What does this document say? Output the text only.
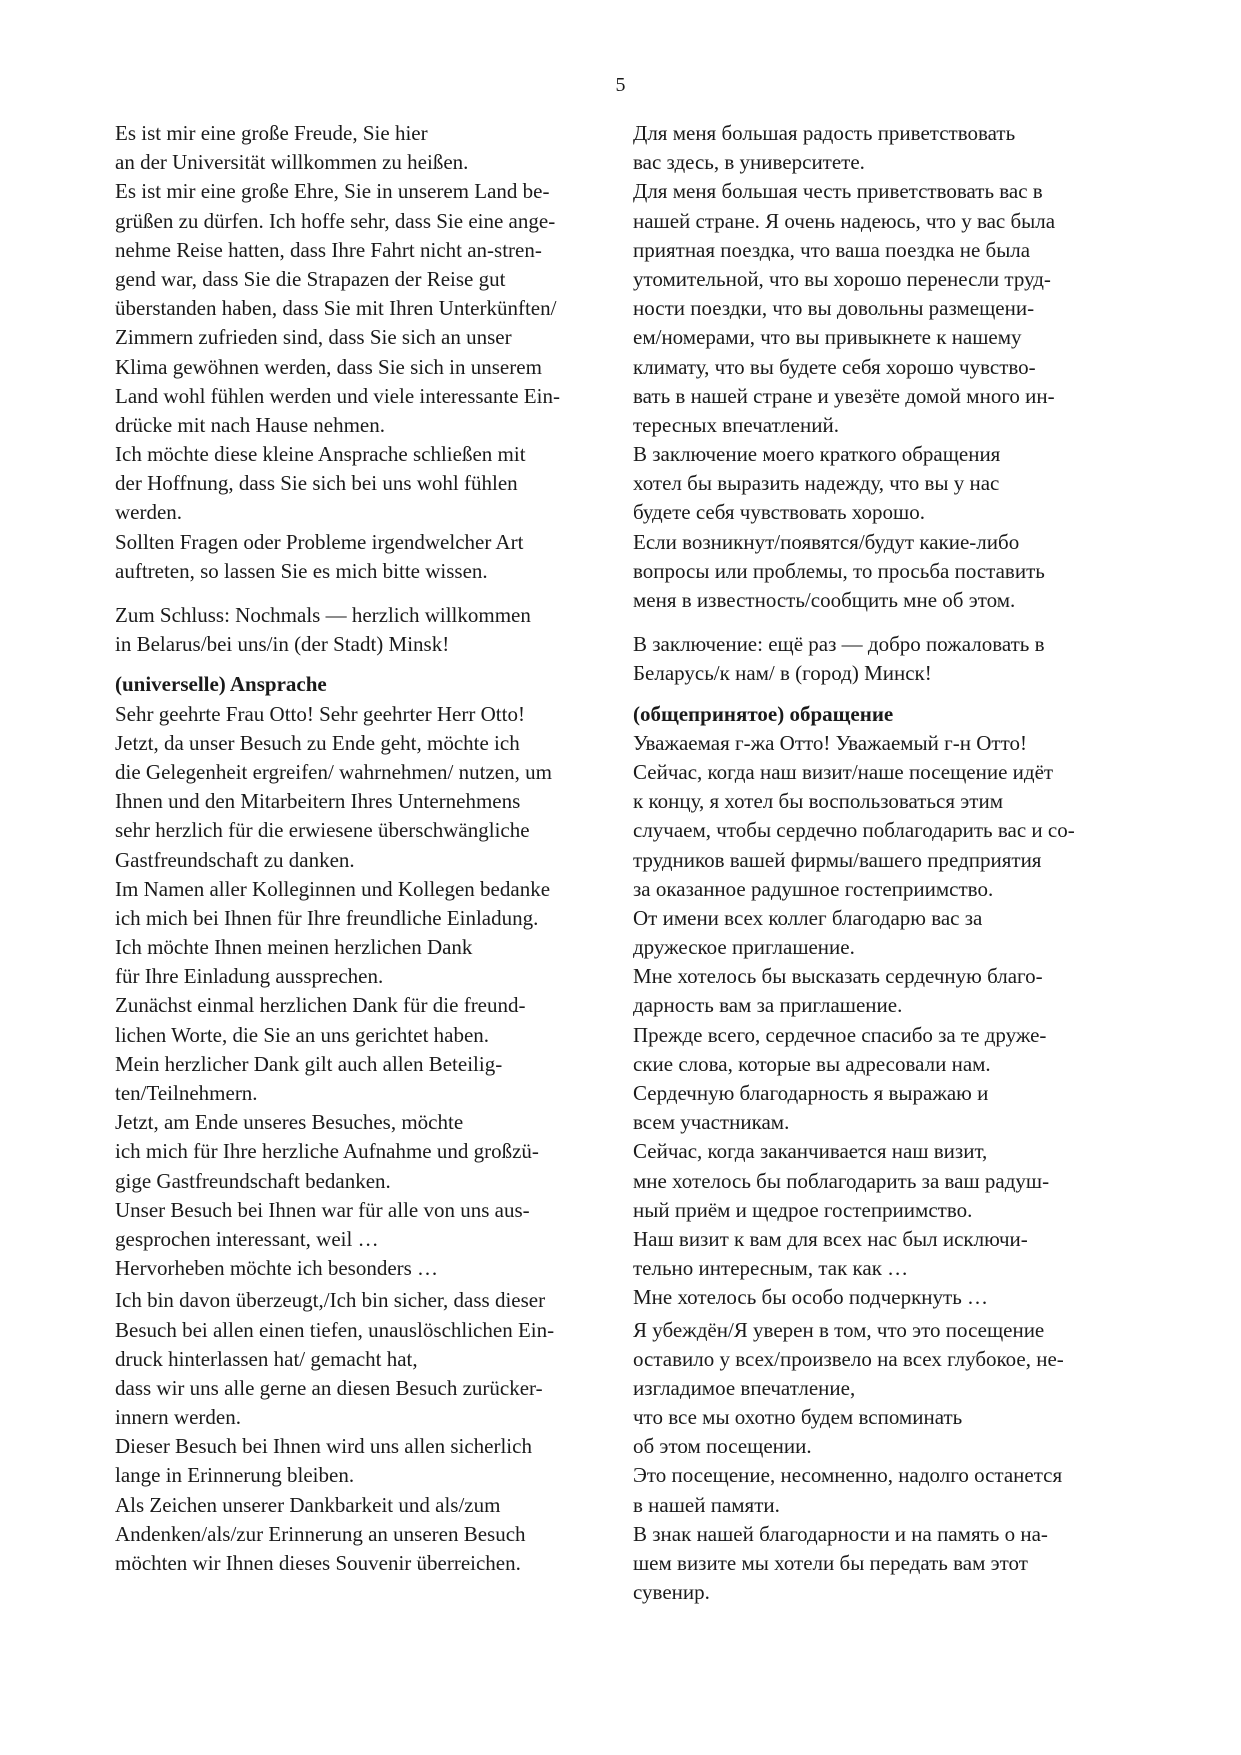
5
Es ist mir eine große Freude, Sie hier
an der Universität willkommen zu heißen.
Es ist mir eine große Ehre, Sie in unserem Land be-
grüßen zu dürfen. Ich hoffe sehr, dass Sie eine ange-
nehme Reise hatten, dass Ihre Fahrt nicht an-stren-
gend war, dass Sie die Strapazen der Reise gut
überstanden haben, dass Sie mit Ihren Unterkünften/
Zimmern zufrieden sind, dass Sie sich an unser
Klima gewöhnen werden, dass Sie sich in unserem
Land wohl fühlen werden und viele interessante Ein-
drücke mit nach Hause nehmen.
Ich möchte diese kleine Ansprache schließen mit
der Hoffnung, dass Sie sich bei uns wohl fühlen
werden.
Sollten Fragen oder Probleme irgendwelcher Art
auftreten, so lassen Sie es mich bitte wissen.
Zum Schluss: Nochmals — herzlich willkommen
in Belarus/bei uns/in (der Stadt) Minsk!
(universelle) Ansprache
Sehr geehrte Frau Otto! Sehr geehrter Herr Otto!
Jetzt, da unser Besuch zu Ende geht, möchte ich
die Gelegenheit ergreifen/ wahrnehmen/ nutzen, um
Ihnen und den Mitarbeitern Ihres Unternehmens
sehr herzlich für die erwiesene überschwängliche
Gastfreundschaft zu danken.
Im Namen aller Kolleginnen und Kollegen bedanke
ich mich bei Ihnen für Ihre freundliche Einladung.
Ich möchte Ihnen meinen herzlichen Dank
für Ihre Einladung aussprechen.
Zunächst einmal herzlichen Dank für die freund-
lichen Worte, die Sie an uns gerichtet haben.
Mein herzlicher Dank gilt auch allen Beteilig-
ten/Teilnehmern.
Jetzt, am Ende unseres Besuches, möchte
ich mich für Ihre herzliche Aufnahme und großzü-
gige Gastfreundschaft bedanken.
Unser Besuch bei Ihnen war für alle von uns aus-
gesprochen interessant, weil …
Hervorheben möchte ich besonders …
Ich bin davon überzeugt,/Ich bin sicher, dass dieser
Besuch bei allen einen tiefen, unauslöschlichen Ein-
druck hinterlassen hat/ gemacht hat,
dass wir uns alle gerne an diesen Besuch zurücker-
innern werden.
Dieser Besuch bei Ihnen wird uns allen sicherlich
lange in Erinnerung bleiben.
Als Zeichen unserer Dankbarkeit und als/zum
Andenken/als/zur Erinnerung an unseren Besuch
möchten wir Ihnen dieses Souvenir überreichen.
Для меня большая радость приветствовать
вас здесь, в университете.
Для меня большая честь приветствовать вас в
нашей стране. Я очень надеюсь, что у вас была
приятная поездка, что ваша поездка не была
утомительной, что вы хорошо перенесли труд-
ности поездки, что вы довольны размещени-
ем/номерами, что вы привыкнете к нашему
климату, что вы будете себя хорошо чувство-
вать в нашей стране и увезёте домой много ин-
тересных впечатлений.
В заключение моего краткого обращения
хотел бы выразить надежду, что вы у нас
будете себя чувствовать хорошо.
Если возникнут/появятся/будут какие-либо
вопросы или проблемы, то просьба поставить
меня в известность/сообщить мне об этом.
В заключение: ещё раз — добро пожаловать в
Беларусь/к нам/ в (город) Минск!
(общепринятое) обращение
Уважаемая г-жа Отто! Уважаемый г-н Отто!
Сейчас, когда наш визит/наше посещение идёт
к концу, я хотел бы воспользоваться этим
случаем, чтобы сердечно поблагодарить вас и со-
трудников вашей фирмы/вашего предприятия
за оказанное радушное гостеприимство.
От имени всех коллег благодарю вас за
дружеское приглашение.
Мне хотелось бы высказать сердечную благо-
дарность вам за приглашение.
Прежде всего, сердечное спасибо за те друже-
ские слова, которые вы адресовали нам.
Сердечную благодарность я выражаю и
всем участникам.
Сейчас, когда заканчивается наш визит,
мне хотелось бы поблагодарить за ваш радуш-
ный приём и щедрое гостеприимство.
Наш визит к вам для всех нас был исключи-
тельно интересным, так как …
Мне хотелось бы особо подчеркнуть …
Я убеждён/Я уверен в том, что это посещение
оставило у всех/произвело на всех глубокое, не-
изгладимое впечатление,
что все мы охотно будем вспоминать
об этом посещении.
Это посещение, несомненно, надолго останется
в нашей памяти.
В знак нашей благодарности и на память о на-
шем визите мы хотели бы передать вам этот
сувенир.
